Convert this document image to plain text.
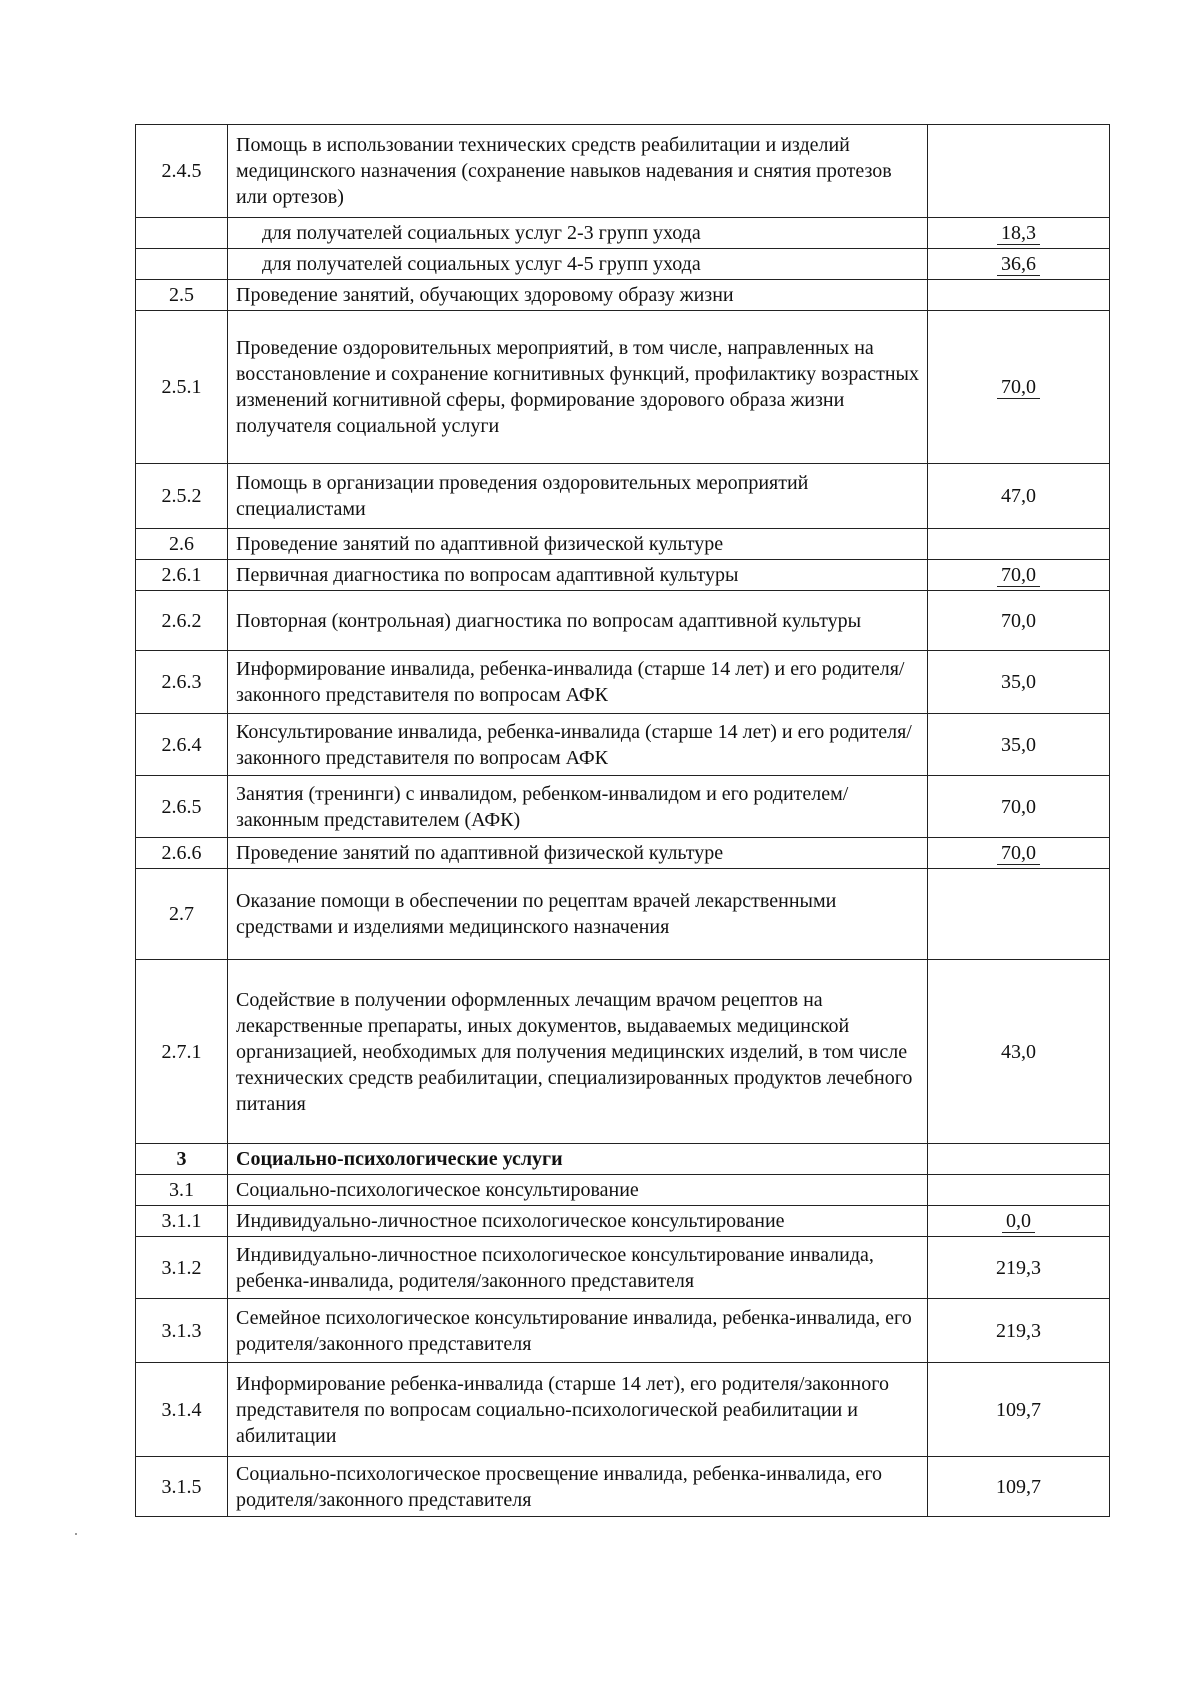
2.4.5	Помощь в использовании технических средств реабилитации и изделий медицинского назначения (сохранение навыков надевания и снятия протезов или ортезов)	
	для получателей социальных услуг 2-3 групп ухода	18,3
	для получателей социальных услуг 4-5 групп ухода	36,6
2.5	Проведение занятий, обучающих здоровому образу жизни	
2.5.1	Проведение оздоровительных мероприятий, в том числе, направленных на восстановление и сохранение когнитивных функций, профилактику возрастных изменений когнитивной сферы, формирование здорового образа жизни получателя социальной услуги	70,0
2.5.2	Помощь в организации проведения оздоровительных мероприятий специалистами	47,0
2.6	Проведение занятий по адаптивной физической культуре	
2.6.1	Первичная диагностика по вопросам адаптивной культуры	70,0
2.6.2	Повторная (контрольная) диагностика по вопросам адаптивной культуры	70,0
2.6.3	Информирование инвалида, ребенка-инвалида (старше 14 лет) и его родителя/законного представителя по вопросам АФК	35,0
2.6.4	Консультирование инвалида, ребенка-инвалида (старше 14 лет) и его родителя/законного представителя по вопросам АФК	35,0
2.6.5	Занятия (тренинги) с инвалидом, ребенком-инвалидом и его родителем/законным представителем (АФК)	70,0
2.6.6	Проведение занятий по адаптивной физической культуре	70,0
2.7	Оказание помощи в обеспечении по рецептам врачей лекарственными средствами и изделиями медицинского назначения	
2.7.1	Содействие в получении оформленных лечащим врачом рецептов на лекарственные препараты, иных документов, выдаваемых медицинской организацией, необходимых для получения медицинских изделий, в том числе технических средств реабилитации, специализированных продуктов лечебного питания	43,0
3	Социально-психологические услуги	
3.1	Социально-психологическое консультирование	
3.1.1	Индивидуально-личностное психологическое консультирование	0,0
3.1.2	Индивидуально-личностное психологическое консультирование инвалида, ребенка-инвалида, родителя/законного представителя	219,3
3.1.3	Семейное психологическое консультирование инвалида, ребенка-инвалида, его родителя/законного представителя	219,3
3.1.4	Информирование ребенка-инвалида (старше 14 лет), его родителя/законного представителя по вопросам социально-психологической реабилитации и абилитации	109,7
3.1.5	Социально-психологическое просвещение инвалида, ребенка-инвалида, его родителя/законного представителя	109,7
